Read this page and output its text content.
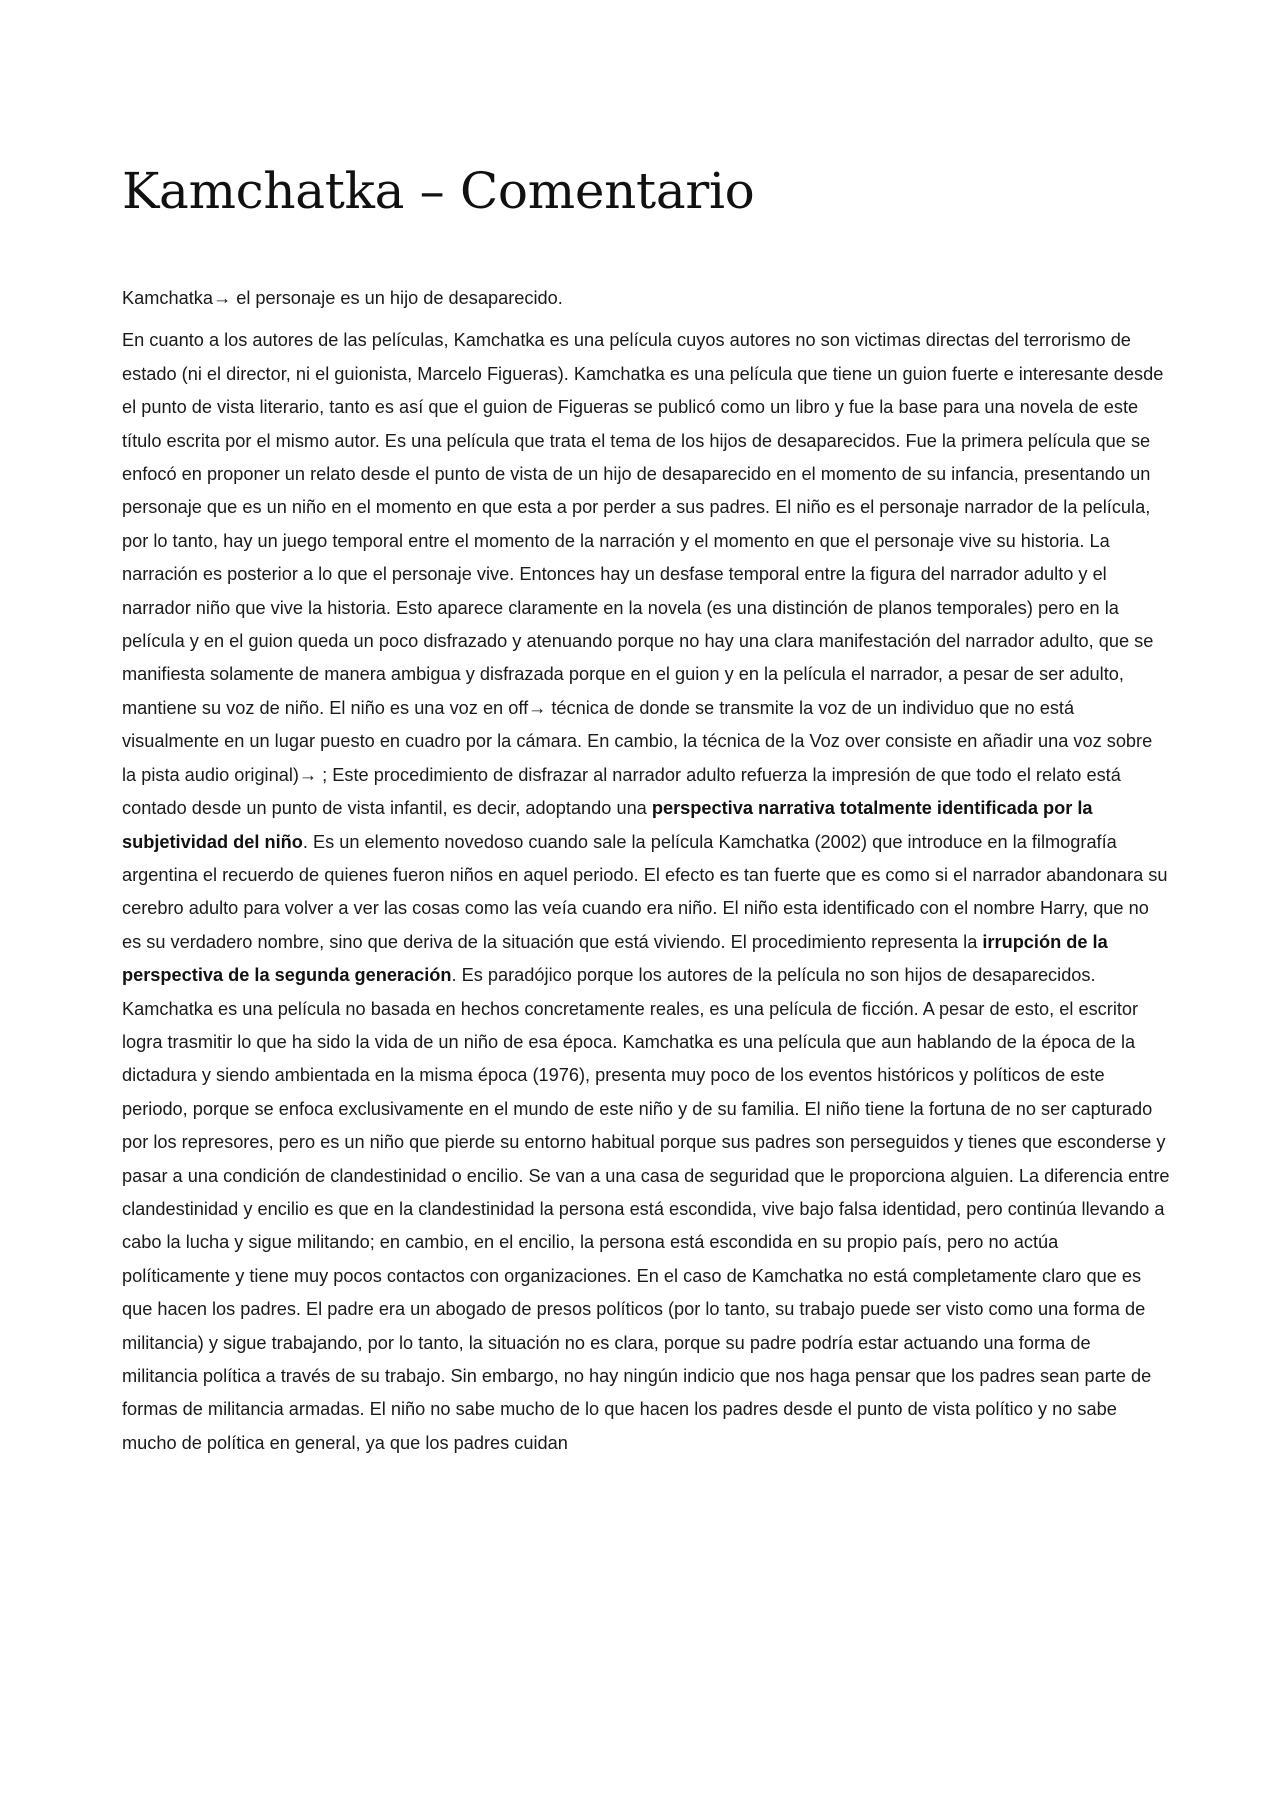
Kamchatka – Comentario

Kamchatka→ el personaje es un hijo de desaparecido.

En cuanto a los autores de las películas, Kamchatka es una película cuyos autores no son victimas directas del terrorismo de estado (ni el director, ni el guionista, Marcelo Figueras). Kamchatka es una película que tiene un guion fuerte e interesante desde el punto de vista literario, tanto es así que el guion de Figueras se publicó como un libro y fue la base para una novela de este título escrita por el mismo autor. Es una película que trata el tema de los hijos de desaparecidos. Fue la primera película que se enfocó en proponer un relato desde el punto de vista de un hijo de desaparecido en el momento de su infancia, presentando un personaje que es un niño en el momento en que esta a por perder a sus padres. El niño es el personaje narrador de la película, por lo tanto, hay un juego temporal entre el momento de la narración y el momento en que el personaje vive su historia. La narración es posterior a lo que el personaje vive. Entonces hay un desfase temporal entre la figura del narrador adulto y el narrador niño que vive la historia. Esto aparece claramente en la novela (es una distinción de planos temporales) pero en la película y en el guion queda un poco disfrazado y atenuando porque no hay una clara manifestación del narrador adulto, que se manifiesta solamente de manera ambigua y disfrazada porque en el guion y en la película el narrador, a pesar de ser adulto, mantiene su voz de niño. El niño es una voz en off→ técnica de donde se transmite la voz de un individuo que no está visualmente en un lugar puesto en cuadro por la cámara. En cambio, la técnica de la Voz over consiste en añadir una voz sobre la pista audio original)→ ; Este procedimiento de disfrazar al narrador adulto refuerza la impresión de que todo el relato está contado desde un punto de vista infantil, es decir, adoptando una perspectiva narrativa totalmente identificada por la subjetividad del niño. Es un elemento novedoso cuando sale la película Kamchatka (2002) que introduce en la filmografía argentina el recuerdo de quienes fueron niños en aquel periodo. El efecto es tan fuerte que es como si el narrador abandonara su cerebro adulto para volver a ver las cosas como las veía cuando era niño. El niño esta identificado con el nombre Harry, que no es su verdadero nombre, sino que deriva de la situación que está viviendo. El procedimiento representa la irrupción de la perspectiva de la segunda generación. Es paradójico porque los autores de la película no son hijos de desaparecidos. Kamchatka es una película no basada en hechos concretamente reales, es una película de ficción. A pesar de esto, el escritor logra trasmitir lo que ha sido la vida de un niño de esa época. Kamchatka es una película que aun hablando de la época de la dictadura y siendo ambientada en la misma época (1976), presenta muy poco de los eventos históricos y políticos de este periodo, porque se enfoca exclusivamente en el mundo de este niño y de su familia. El niño tiene la fortuna de no ser capturado por los represores, pero es un niño que pierde su entorno habitual porque sus padres son perseguidos y tienes que esconderse y pasar a una condición de clandestinidad o encilio. Se van a una casa de seguridad que le proporciona alguien. La diferencia entre clandestinidad y encilio es que en la clandestinidad la persona está escondida, vive bajo falsa identidad, pero continúa llevando a cabo la lucha y sigue militando; en cambio, en el encilio, la persona está escondida en su propio país, pero no actúa políticamente y tiene muy pocos contactos con organizaciones. En el caso de Kamchatka no está completamente claro que es que hacen los padres. El padre era un abogado de presos políticos (por lo tanto, su trabajo puede ser visto como una forma de militancia) y sigue trabajando, por lo tanto, la situación no es clara, porque su padre podría estar actuando una forma de militancia política a través de su trabajo. Sin embargo, no hay ningún indicio que nos haga pensar que los padres sean parte de formas de militancia armadas. El niño no sabe mucho de lo que hacen los padres desde el punto de vista político y no sabe mucho de política en general, ya que los padres cuidan
